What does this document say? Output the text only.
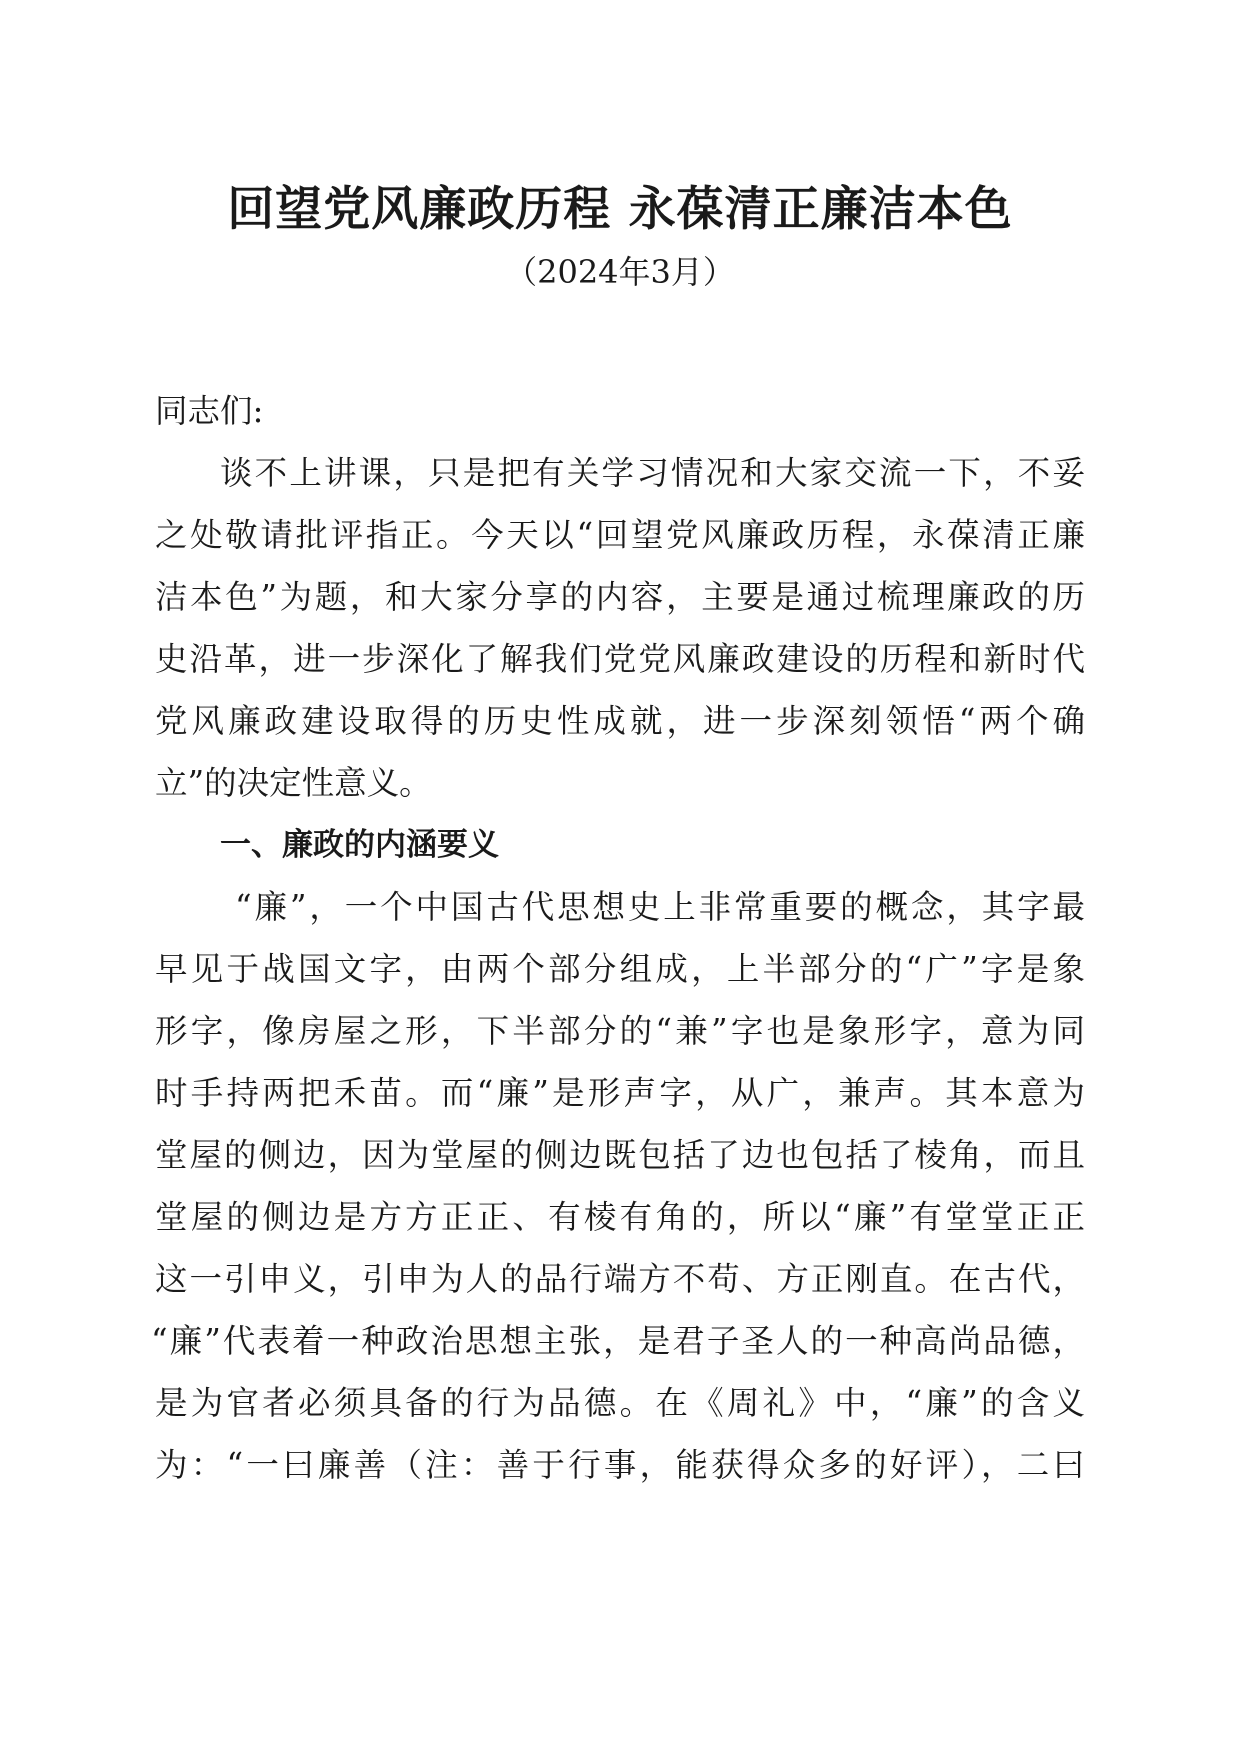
回望党风廉政历程 永葆清正廉洁本色
（2024年3月）
同志们:
谈不上讲课，只是把有关学习情况和大家交流一下，不妥
之处敬请批评指正。今天以“回望党风廉政历程，永葆清正廉
洁本色”为题，和大家分享的内容，主要是通过梳理廉政的历
史沿革，进一步深化了解我们党党风廉政建设的历程和新时代
党风廉政建设取得的历史性成就，进一步深刻领悟“两个确
立”的决定性意义。
一、廉政的内涵要义
“廉”，一个中国古代思想史上非常重要的概念，其字最
早见于战国文字，由两个部分组成，上半部分的“广”字是象
形字，像房屋之形，下半部分的“兼”字也是象形字，意为同
时手持两把禾苗。而“廉”是形声字，从广，兼声。其本意为
堂屋的侧边，因为堂屋的侧边既包括了边也包括了棱角，而且
堂屋的侧边是方方正正、有棱有角的，所以“廉”有堂堂正正
这一引申义，引申为人的品行端方不苟、方正刚直。在古代，
“廉”代表着一种政治思想主张，是君子圣人的一种高尚品德，
是为官者必须具备的行为品德。在《周礼》中，“廉”的含义
为：“一曰廉善（注：善于行事，能获得众多的好评），二曰
